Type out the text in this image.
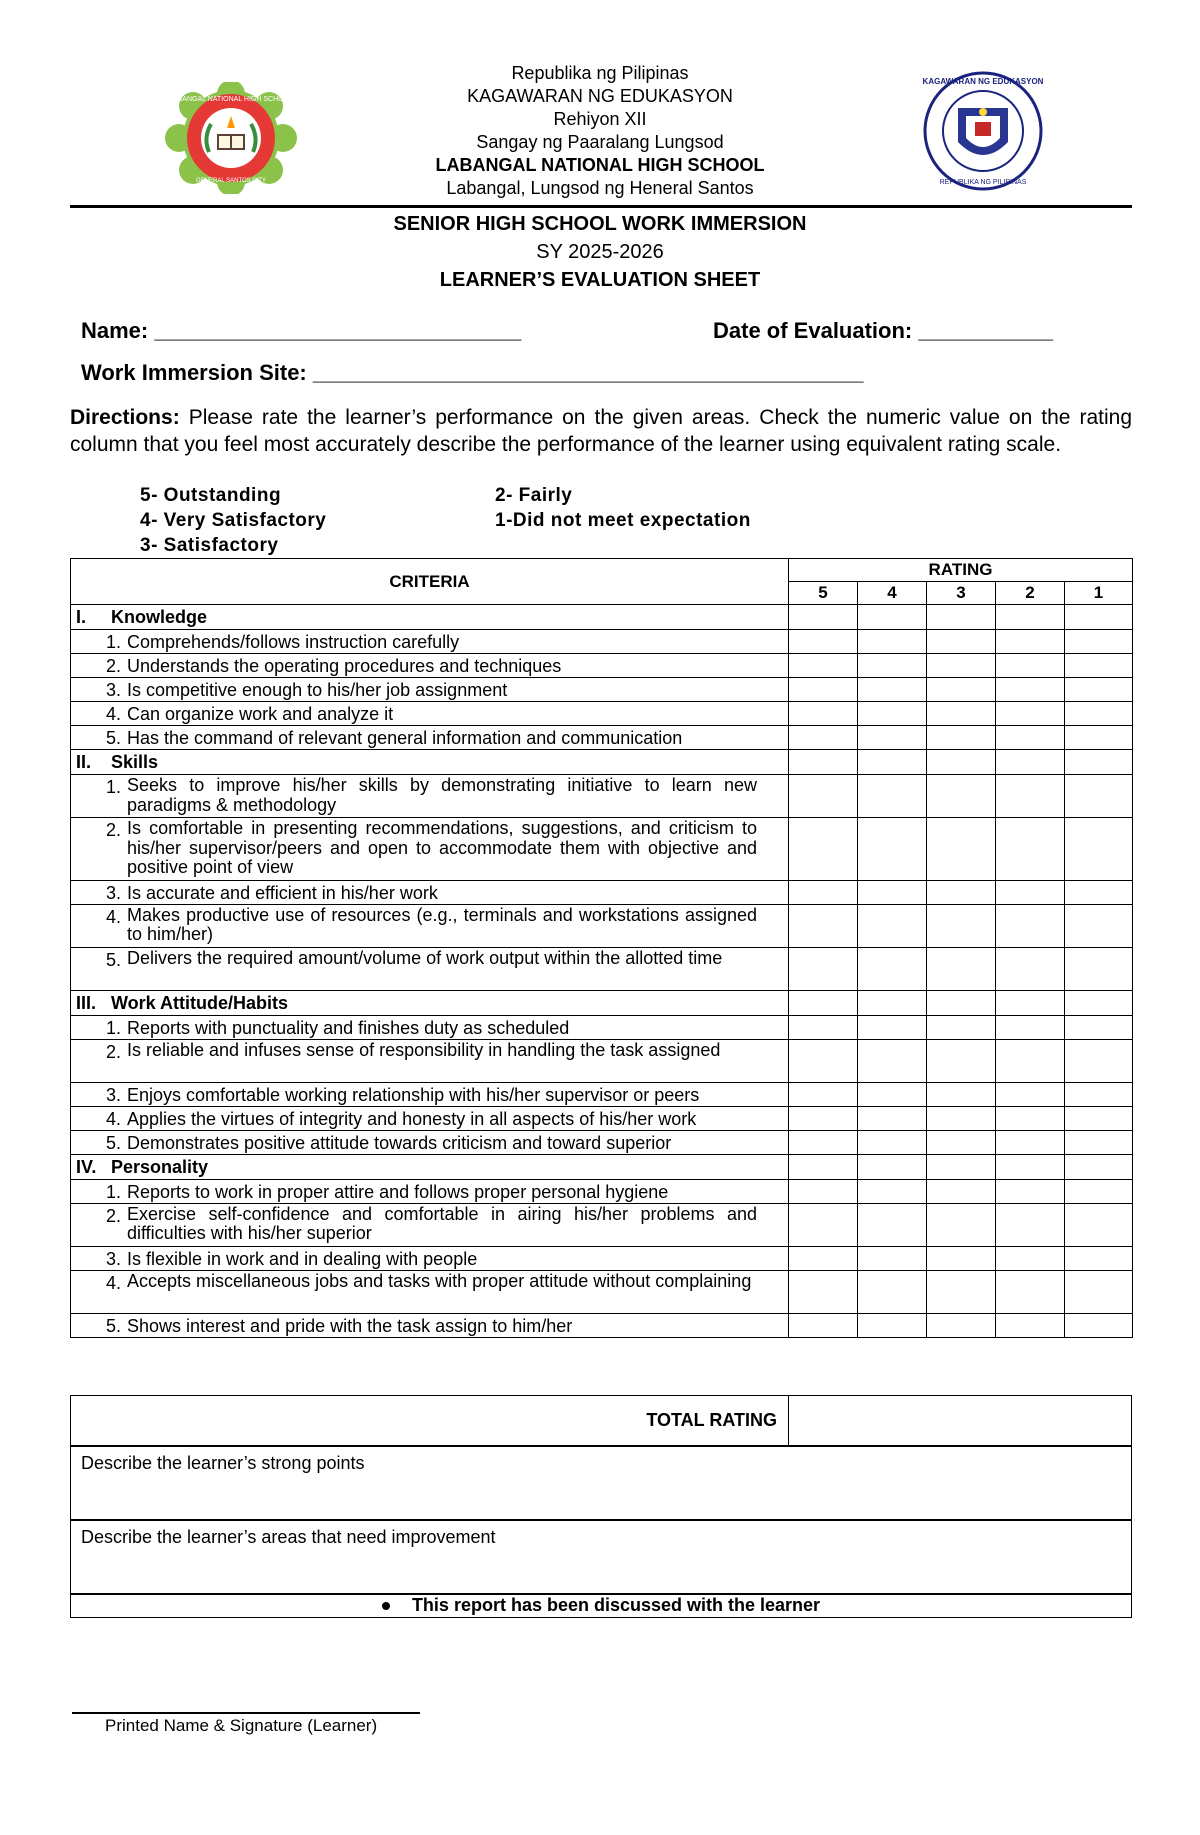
LABANGAL NATIONAL HIGH SCHOOL
GENERAL SANTOS CITY
KAGAWARAN NG EDUKASYON
REPUBLIKA NG PILIPINAS
Republika ng Pilipinas
KAGAWARAN NG EDUKASYON
Rehiyon XII
Sangay ng Paaralang Lungsod
LABANGAL NATIONAL HIGH SCHOOL
Labangal, Lungsod ng Heneral Santos
SENIOR HIGH SCHOOL WORK IMMERSION
SY 2025-2026
LEARNER’S EVALUATION SHEET
Name: ______________________________	Date of Evaluation: ___________
Work Immersion Site: _____________________________________________
Directions: Please rate the learner’s performance on the given areas. Check the numeric value on the rating column that you feel most accurately describe the performance of the learner using equivalent rating scale.
5- Outstanding
4- Very Satisfactory
3- Satisfactory
2- Fairly
1-Did not meet expectation
CRITERIA	RATING				
	5	4	3	2	1
I. Knowledge					
1. Comprehends/follows instruction carefully					
2. Understands the operating procedures and techniques					
3. Is competitive enough to his/her job assignment					
4. Can organize work and analyze it					
5. Has the command of relevant general information and communication					
II. Skills					
1. Seeks to improve his/her skills by demonstrating initiative to learn new paradigms & methodology					
2. Is comfortable in presenting recommendations, suggestions, and criticism to his/her supervisor/peers and open to accommodate them with objective and positive point of view					
3. Is accurate and efficient in his/her work					
4. Makes productive use of resources (e.g., terminals and workstations assigned to him/her)					
5. Delivers the required amount/volume of work output within the allotted time					
III. Work Attitude/Habits					
1. Reports with punctuality and finishes duty as scheduled					
2. Is reliable and infuses sense of responsibility in handling the task assigned					
3. Enjoys comfortable working relationship with his/her supervisor or peers					
4. Applies the virtues of integrity and honesty in all aspects of his/her work					
5. Demonstrates positive attitude towards criticism and toward superior					
IV. Personality					
1. Reports to work in proper attire and follows proper personal hygiene					
2. Exercise self-confidence and comfortable in airing his/her problems and difficulties with his/her superior					
3. Is flexible in work and in dealing with people					
4. Accepts miscellaneous jobs and tasks with proper attitude without complaining					
5. Shows interest and pride with the task assign to him/her					
TOTAL RATING
Describe the learner’s strong points
Describe the learner’s areas that need improvement
This report has been discussed with the learner
Printed Name & Signature (Learner)
